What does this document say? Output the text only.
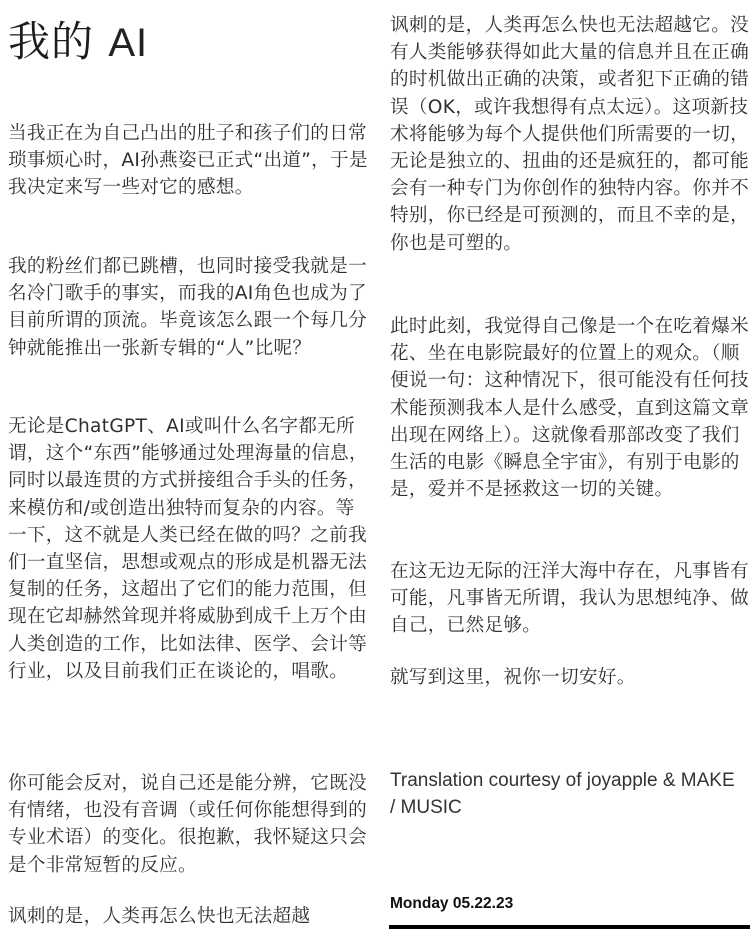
我的 AI

当我正在为自己凸出的肚子和孩子们的日常琐事烦心时，AI孙燕姿已正式“出道”，于是我决定来写一些对它的感想。

我的粉丝们都已跳槽，也同时接受我就是一名冷门歌手的事实，而我的AI角色也成为了目前所谓的顶流。毕竟该怎么跟一个每几分钟就能推出一张新专辑的“人”比呢？

无论是ChatGPT、AI或叫什么名字都无所谓，这个“东西”能够通过处理海量的信息，同时以最连贯的方式拼接组合手头的任务，来模仿和/或创造出独特而复杂的内容。等一下，这不就是人类已经在做的吗？之前我们一直坚信，思想或观点的形成是机器无法复制的任务，这超出了它们的能力范围，但现在它却赫然耸现并将威胁到成千上万个由人类创造的工作，比如法律、医学、会计等行业，以及目前我们正在谈论的，唱歌。

你可能会反对，说自己还是能分辨，它既没有情绪，也没有音调（或任何你能想得到的专业术语）的变化。很抱歉，我怀疑这只会是个非常短暂的反应。

讽刺的是，人类再怎么快也无法超越

讽刺的是，人类再怎么快也无法超越它。没有人类能够获得如此大量的信息并且在正确的时机做出正确的决策，或者犯下正确的错误（OK，或许我想得有点太远）。这项新技术将能够为每个人提供他们所需要的一切，无论是独立的、扭曲的还是疯狂的，都可能会有一种专门为你创作的独特内容。你并不特别，你已经是可预测的，而且不幸的是，你也是可塑的。

此时此刻，我觉得自己像是一个在吃着爆米花、坐在电影院最好的位置上的观众。（顺便说一句：这种情况下，很可能没有任何技术能预测我本人是什么感受，直到这篇文章出现在网络上）。这就像看那部改变了我们生活的电影《瞬息全宇宙》，有别于电影的是，爱并不是拯救这一切的关键。

在这无边无际的汪洋大海中存在，凡事皆有可能，凡事皆无所谓，我认为思想纯净、做自己，已然足够。

就写到这里，祝你一切安好。

Translation courtesy of joyapple & MAKE / MUSIC

Monday 05.22.23
